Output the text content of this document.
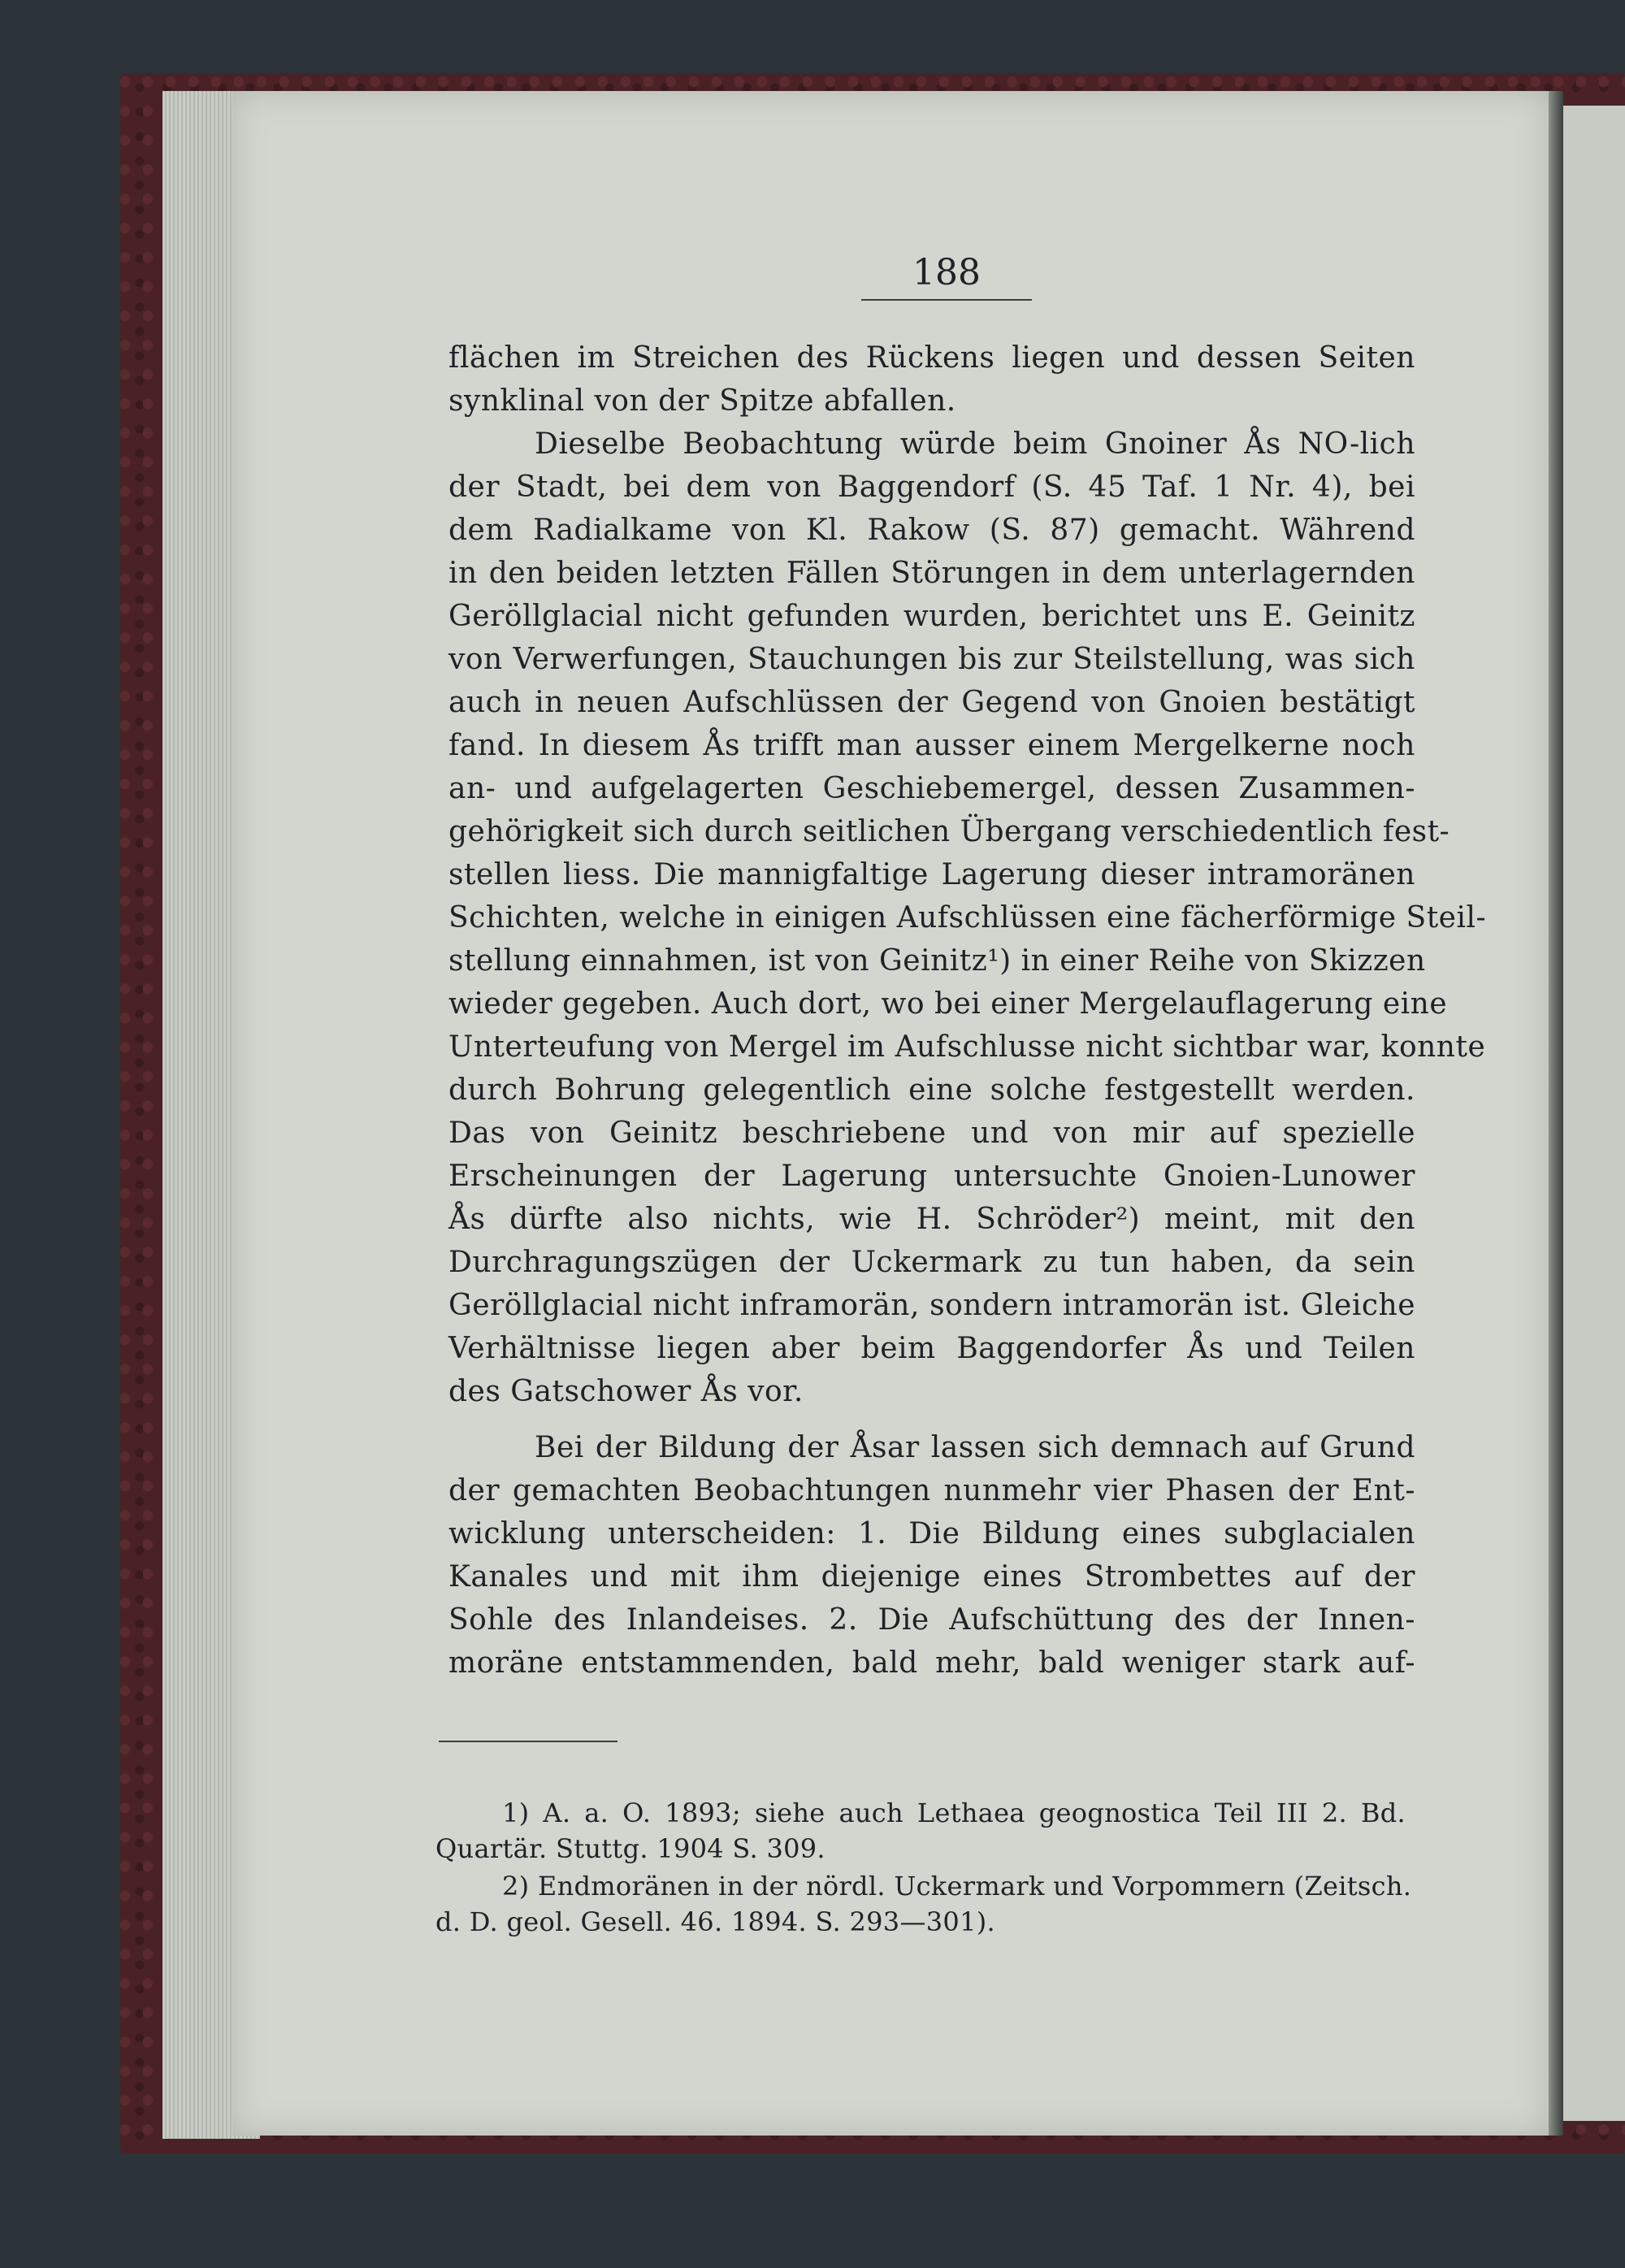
188
flächen im Streichen des Rückens liegen und dessen Seiten
synklinal von der Spitze abfallen.
Dieselbe Beobachtung würde beim Gnoiner Ås NO-lich
der Stadt, bei dem von Baggendorf (S. 45 Taf. 1 Nr. 4), bei
dem Radialkame von Kl. Rakow (S. 87) gemacht. Während
in den beiden letzten Fällen Störungen in dem unterlagernden
Geröllglacial nicht gefunden wurden, berichtet uns E. Geinitz
von Verwerfungen, Stauchungen bis zur Steilstellung, was sich
auch in neuen Aufschlüssen der Gegend von Gnoien bestätigt
fand. In diesem Ås trifft man ausser einem Mergelkerne noch
an- und aufgelagerten Geschiebemergel, dessen Zusammen-
gehörigkeit sich durch seitlichen Übergang verschiedentlich fest-
stellen liess. Die mannigfaltige Lagerung dieser intramoränen
Schichten, welche in einigen Aufschlüssen eine fächerförmige Steil-
stellung einnahmen, ist von Geinitz¹) in einer Reihe von Skizzen
wieder gegeben. Auch dort, wo bei einer Mergelauflagerung eine
Unterteufung von Mergel im Aufschlusse nicht sichtbar war, konnte
durch Bohrung gelegentlich eine solche festgestellt werden.
Das von Geinitz beschriebene und von mir auf spezielle
Erscheinungen der Lagerung untersuchte Gnoien-Lunower
Ås dürfte also nichts, wie H. Schröder²) meint, mit den
Durchragungszügen der Uckermark zu tun haben, da sein
Geröllglacial nicht inframorän, sondern intramorän ist. Gleiche
Verhältnisse liegen aber beim Baggendorfer Ås und Teilen
des Gatschower Ås vor.
Bei der Bildung der Åsar lassen sich demnach auf Grund
der gemachten Beobachtungen nunmehr vier Phasen der Ent-
wicklung unterscheiden: 1. Die Bildung eines subglacialen
Kanales und mit ihm diejenige eines Strombettes auf der
Sohle des Inlandeises. 2. Die Aufschüttung des der Innen-
moräne entstammenden, bald mehr, bald weniger stark auf-
1) A. a. O. 1893; siehe auch Lethaea geognostica Teil III 2. Bd.
Quartär. Stuttg. 1904 S. 309.
2) Endmoränen in der nördl. Uckermark und Vorpommern (Zeitsch.
d. D. geol. Gesell. 46. 1894. S. 293—301).
